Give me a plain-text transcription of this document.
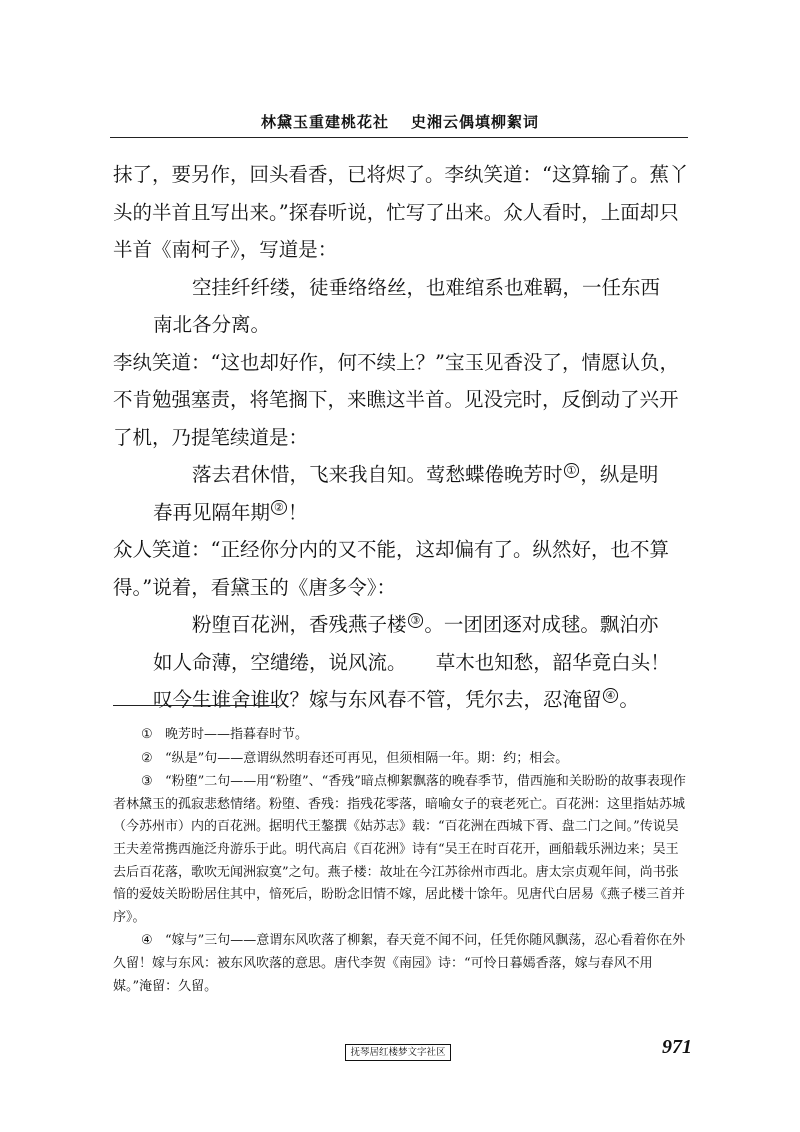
林黛玉重建桃花社 史湘云偶填柳絮词

抹了，要另作，回头看香，已将烬了。李纨笑道：“这算输了。蕉丫头的半首且写出来。”探春听说，忙写了出来。众人看时，上面却只半首《南柯子》，写道是：

空挂纤纤缕，徒垂络络丝，也难绾系也难羁，一任东西

南北各分离。

李纨笑道：“这也却好作，何不续上？”宝玉见香没了，情愿认负，不肯勉强塞责，将笔搁下，来瞧这半首。见没完时，反倒动了兴开了机，乃提笔续道是：

落去君休惜，飞来我自知。莺愁蝶倦晚芳时 ① ，纵是明

春再见隔年期 ② ！

众人笑道：“正经你分内的又不能，这却偏有了。纵然好，也不算得。”说着，看黛玉的《唐多令》：

粉堕百花洲，香残燕子楼 ③ 。一团团逐对成毬。飘泊亦

如人命薄，空缱绻，说风流。　　草木也知愁，韶华竟白头！

叹今生谁舍谁收？嫁与东风春不管，凭尔去，忍淹留 ④ 。

① 晚芳时——指暮春时节。

② “纵是”句——意谓纵然明春还可再见，但须相隔一年。期：约；相会。

③ “粉堕”二句——用“粉堕”、“香残”暗点柳絮飘落的晚春季节，借西施和关盼盼的故事表现作者林黛玉的孤寂悲愁情绪。粉堕、香残：指残花零落，暗喻女子的衰老死亡。百花洲：这里指姑苏城（今苏州市）内的百花洲。据明代王鏊撰《姑苏志》载：“百花洲在西城下胥、盘二门之间。”传说吴王夫差常携西施泛舟游乐于此。明代高启《百花洲》诗有“吴王在时百花开，画船载乐洲边来；吴王去后百花落，歌吹无闻洲寂寞”之句。燕子楼：故址在今江苏徐州市西北。唐太宗贞观年间，尚书张愔的爱妓关盼盼居住其中，愔死后，盼盼念旧情不嫁，居此楼十馀年。见唐代白居易《燕子楼三首并序》。

④ “嫁与”三句——意谓东风吹落了柳絮，春天竟不闻不问，任凭你随风飘荡，忍心看着你在外久留！嫁与东风：被东风吹落的意思。唐代李贺《南园》诗：“可怜日暮嫣香落，嫁与春风不用媒。”淹留：久留。

抚琴居红楼梦文字社区	971
